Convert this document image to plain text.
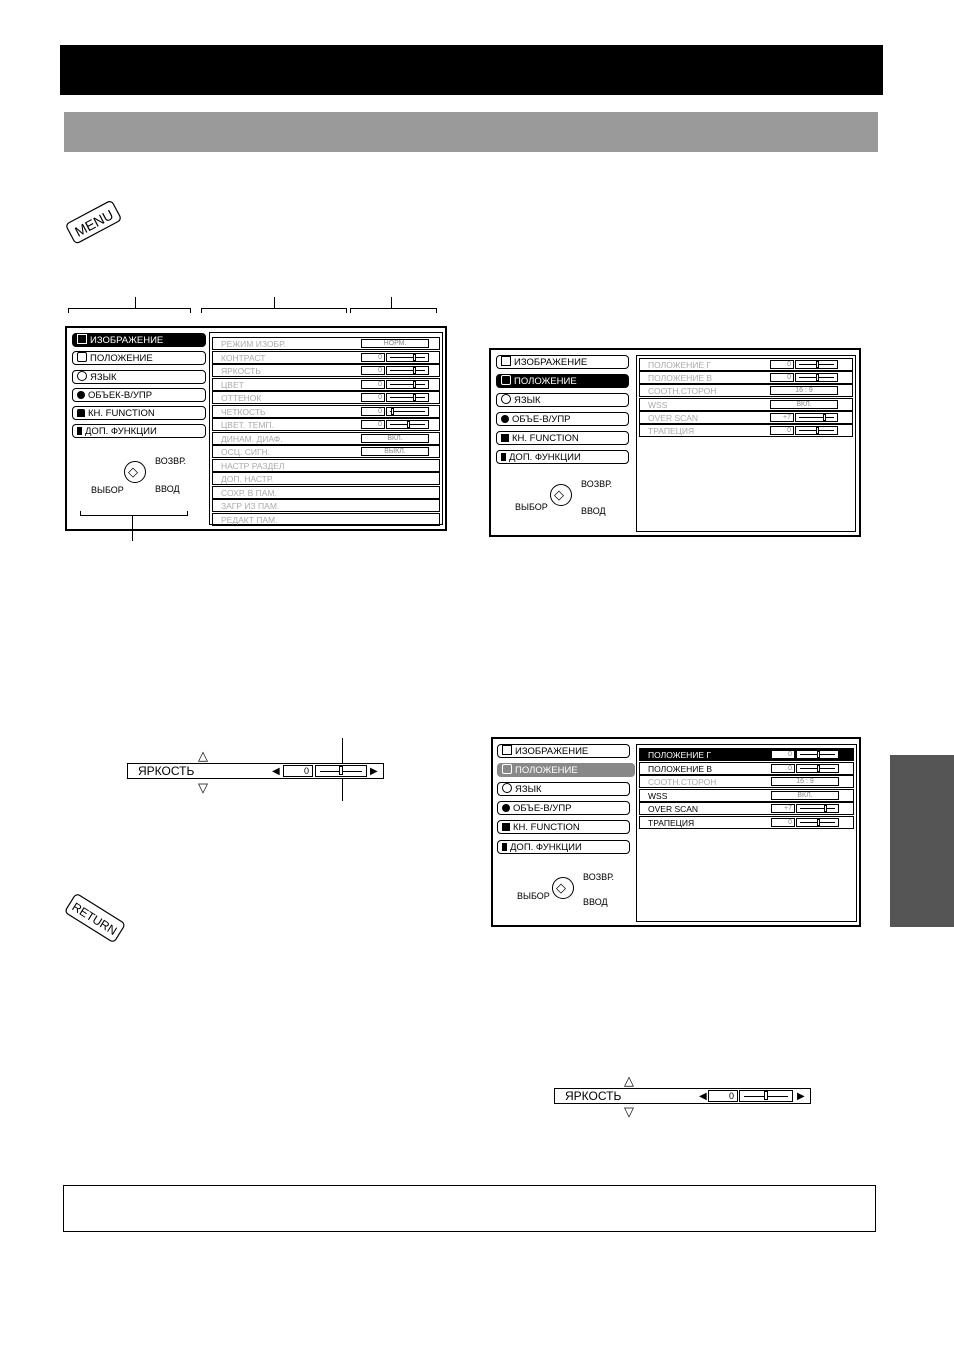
MENU
RETURN
ИЗОБРАЖЕНИЕ
ПОЛОЖЕНИЕ
ЯЗЫК
ОБЪЕК-В/УПР
КН. FUNCTION
ДОП. ФУНКЦИИ
ВОЗВР.
◇
ВЫБОР	ВВОД
РЕЖИМ ИЗОБР.	НОРМ.
КОНТРАСТ	0
ЯРКОСТЬ	0
ЦВЕТ	0
ОТТЕНОК	0
ЧЕТКОСТЬ	0
ЦВЕТ. ТЕМП.	0
ДИНАМ. ДИАФ.	ВКЛ.
ОСЦ. СИГН.	ВЫКЛ.
НАСТР РАЗДЕЛ
ДОП. НАСТР.
СОХР. В ПАМ.
ЗАГР ИЗ ПАМ.
РЕДАКТ ПАМ.
ИЗОБРАЖЕНИЕ
ПОЛОЖЕНИЕ
ЯЗЫК
ОБЪЕ-В/УПР
КН. FUNCTION
ДОП. ФУНКЦИИ
ВОЗВР.
◇
ВЫБОР	ВВОД
ПОЛОЖЕНИЕ Г	0
ПОЛОЖЕНИЕ В	0
СООТН.СТОРОН	16 : 9
WSS	ВКЛ.
OVER SCAN	+7
ТРАПЕЦИЯ	0
ИЗОБРАЖЕНИЕ
ПОЛОЖЕНИЕ
ЯЗЫК
ОБЪЕ-В/УПР
КН. FUNCTION
ДОП. ФУНКЦИИ
ВОЗВР.
◇
ВЫБОР
ВВОД
ПОЛОЖЕНИЕ Г	0
ПОЛОЖЕНИЕ В	0
СООТН.СТОРОН	16 : 9
WSS	ВКЛ.
OVER SCAN	+7
ТРАПЕЦИЯ	0
△
ЯРКОСТЬ	◀	0	▶
▽
△
ЯРКОСТЬ	◀	0	▶
▽
